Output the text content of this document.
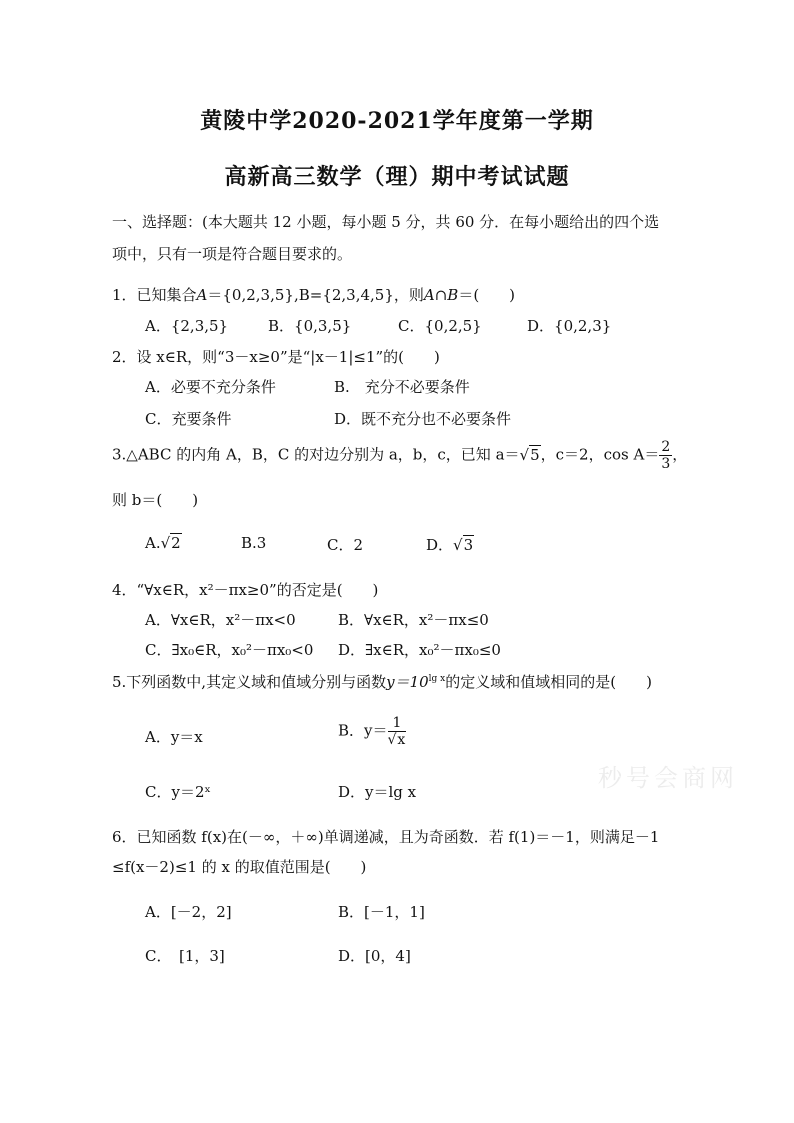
黄陵中学2020-2021学年度第一学期
高新高三数学（理）期中考试试题
一、选择题：(本大题共 12 小题，每小题 5 分，共 60 分．在每小题给出的四个选
项中，只有一项是符合题目要求的。
1．已知集合A＝{0,2,3,5},B={2,3,4,5}，则A∩B＝(　　)
A．{2,3,5}	B．{0,3,5}	C．{0,2,5}	D．{0,2,3}
2．设 x∈R，则“3－x≥0”是“|x－1|≤1”的(　　)
A．必要不充分条件	B.　充分不必要条件
C．充要条件	D．既不充分也不必要条件
3.△ABC 的内角 A，B，C 的对边分别为 a，b，c，已知 a＝√5，c＝2，$\cos A= \frac{2}{3}$ ，
则 b＝(　　)
A.√2	B.3	C．2	D．√3
4．“∀x∈R，x²－πx≥0”的否定是(　　)
A．∀x∈R，x²－πx<0	B．∀x∈R，x²－πx≤0
C．∃x₀∈R，x₀²－πx₀<0 D．∃x∈R，x₀²－πx₀≤0
5.下列函数中,其定义域和值域分别与函数$y=10^{lg x}$的定义域和值域相同的是(　　)
A．y＝x	B．$y= \frac{1}{√x}$
C．y＝2ˣ	D．y＝lg x
6．已知函数 f(x)在(－∞，＋∞)单调递减，且为奇函数．若 f(1)＝－1，则满足－1
≤f(x－2)≤1 的 x 的取值范围是(　　)
A．[－2，2]	B．[－1，1]
C．　[1，3]	D．[0，4]
秒号会商网
